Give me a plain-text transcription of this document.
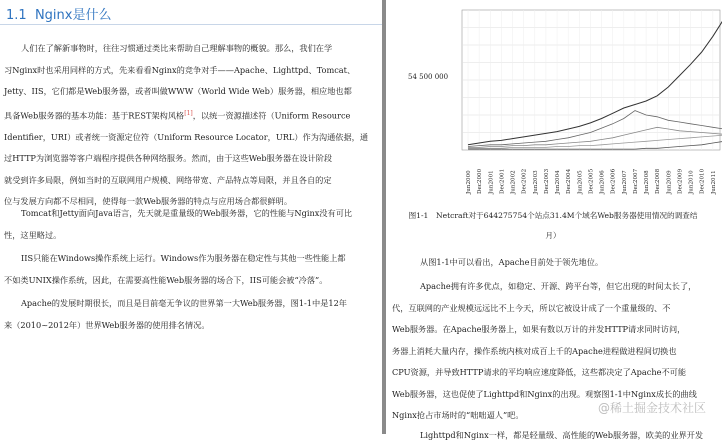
1.1 Nginx是什么

人们在了解新事物时，往往习惯通过类比来帮助自己理解事物的概貌。那么，我们在学
习Nginx时也采用同样的方式，先来看看Nginx的竞争对手——Apache、Lighttpd、Tomcat、
Jetty、IIS，它们都是Web服务器，或者叫做WWW（World Wide Web）服务器，相应地也都
具备Web服务器的基本功能：基于REST架构风格[1]，以统一资源描述符（Uniform Resource
Identifier，URI）或者统一资源定位符（Uniform Resource Locator，URL）作为沟通依据，通
过HTTP为浏览器等客户端程序提供各种网络服务。然而，由于这些Web服务器在设计阶段
就受到许多局限，例如当时的互联网用户规模、网络带宽、产品特点等局限，并且各自的定
位与发展方向都不尽相同，使得每一款Web服务器的特点与应用场合都很鲜明。

Tomcat和Jetty面向Java语言，先天就是重量级的Web服务器，它的性能与Nginx没有可比
性，这里略过。

IIS只能在Windows操作系统上运行。Windows作为服务器在稳定性与其他一些性能上都
不如类UNIX操作系统，因此，在需要高性能Web服务器的场合下，IIS可能会被“冷落”。

Apache的发展时期很长，而且是目前毫无争议的世界第一大Web服务器，图1-1中是12年
来（2010~2012年）世界Web服务器的使用排名情况。

54 500 000
Jun2000 Dec2000 Jun2001 Dec2001 Jun2002 Dec2002 Jun2003 Dec2003 Jun2004 Dec2004 Jun2005 Dec2005 Jun2006 Dec2006 Jun2007 Dec2007 Jun2008 Dec2008 Jun2009 Dec2009 Jun2010 Dec2010 Jun2011
图1-1　Netcraft对于644275754个站点31.4M个域名Web服务器使用情况的调查结
月）

从图1-1中可以看出，Apache目前处于领先地位。

Apache拥有许多优点，如稳定、开源、跨平台等，但它出现的时间太长了，
代，互联网的产业规模远远比不上今天，所以它被设计成了一个重量级的、不
Web服务器。在Apache服务器上，如果有数以万计的并发HTTP请求同时访问，
务器上消耗大量内存，操作系统内核对成百上千的Apache进程做进程间切换也
CPU资源，并导致HTTP请求的平均响应速度降低，这些都决定了Apache不可能
Web服务器，这也促使了Lighttpd和Nginx的出现。观察图1-1中Nginx成长的曲线
Nginx抢占市场时的“咄咄逼人”吧。

Lighttpd和Nginx一样，都是轻量级、高性能的Web服务器，欧美的业界开发

@稀土掘金技术社区
